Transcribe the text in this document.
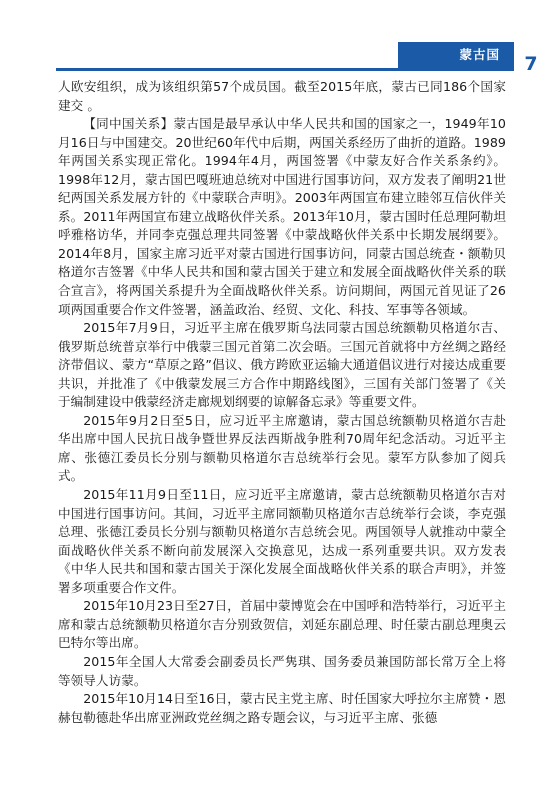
蒙古国 7

人欧安组织，成为该组织第57个成员国。截至2015年底，蒙古已同186个国家建交 。

【同中国关系】蒙古国是最早承认中华人民共和国的国家之一，1949年10月16日与中国建交。20世纪60年代中后期，两国关系经历了曲折的道路。1989年两国关系实现正常化。1994年4月，两国签署《中蒙友好合作关系条约》。1998年12月，蒙古国巴嘎班迪总统对中国进行国事访问，双方发表了阐明21世纪两国关系发展方针的《中蒙联合声明》。2003年两国宣布建立睦邻互信伙伴关系。2011年两国宣布建立战略伙伴关系。2013年10月，蒙古国时任总理阿勒坦呼雅格访华，并同李克强总理共同签署《中蒙战略伙伴关系中长期发展纲要》。2014年8月，国家主席习近平对蒙古国进行国事访问，同蒙古国总统查・额勒贝格道尔吉签署《中华人民共和国和蒙古国关于建立和发展全面战略伙伴关系的联合宣言》，将两国关系提升为全面战略伙伴关系。访问期间，两国元首见证了26项两国重要合作文件签署，涵盖政治、经贸、文化、科技、军事等各领域。

2015年7月9日，习近平主席在俄罗斯乌法同蒙古国总统额勒贝格道尔吉、俄罗斯总统普京举行中俄蒙三国元首第二次会晤。三国元首就将中方丝绸之路经济带倡议、蒙方“草原之路”倡议、俄方跨欧亚运输大通道倡议进行对接达成重要共识，并批准了《中俄蒙发展三方合作中期路线图》，三国有关部门签署了《关于编制建设中俄蒙经济走廊规划纲要的谅解备忘录》等重要文件。

2015年9月2日至5日，应习近平主席邀请，蒙古国总统额勒贝格道尔吉赴华出席中国人民抗日战争暨世界反法西斯战争胜利70周年纪念活动。习近平主席、张德江委员长分别与额勒贝格道尔吉总统举行会见。蒙军方队参加了阅兵式。

2015年11月9日至11日，应习近平主席邀请，蒙古总统额勒贝格道尔吉对中国进行国事访问。其间，习近平主席同额勒贝格道尔吉总统举行会谈，李克强总理、张德江委员长分别与额勒贝格道尔吉总统会见。两国领导人就推动中蒙全面战略伙伴关系不断向前发展深入交换意见，达成一系列重要共识。双方发表《中华人民共和国和蒙古国关于深化发展全面战略伙伴关系的联合声明》，并签署多项重要合作文件。

2015年10月23日至27日，首届中蒙博览会在中国呼和浩特举行，习近平主席和蒙古总统额勒贝格道尔吉分别致贺信，刘延东副总理、时任蒙古副总理奥云巴特尔等出席。

2015年全国人大常委会副委员长严隽琪、国务委员兼国防部长常万全上将等领导人访蒙。

2015年10月14日至16日，蒙古民主党主席、时任国家大呼拉尔主席赞・恩赫包勒德赴华出席亚洲政党丝绸之路专题会议，与习近平主席、张德
